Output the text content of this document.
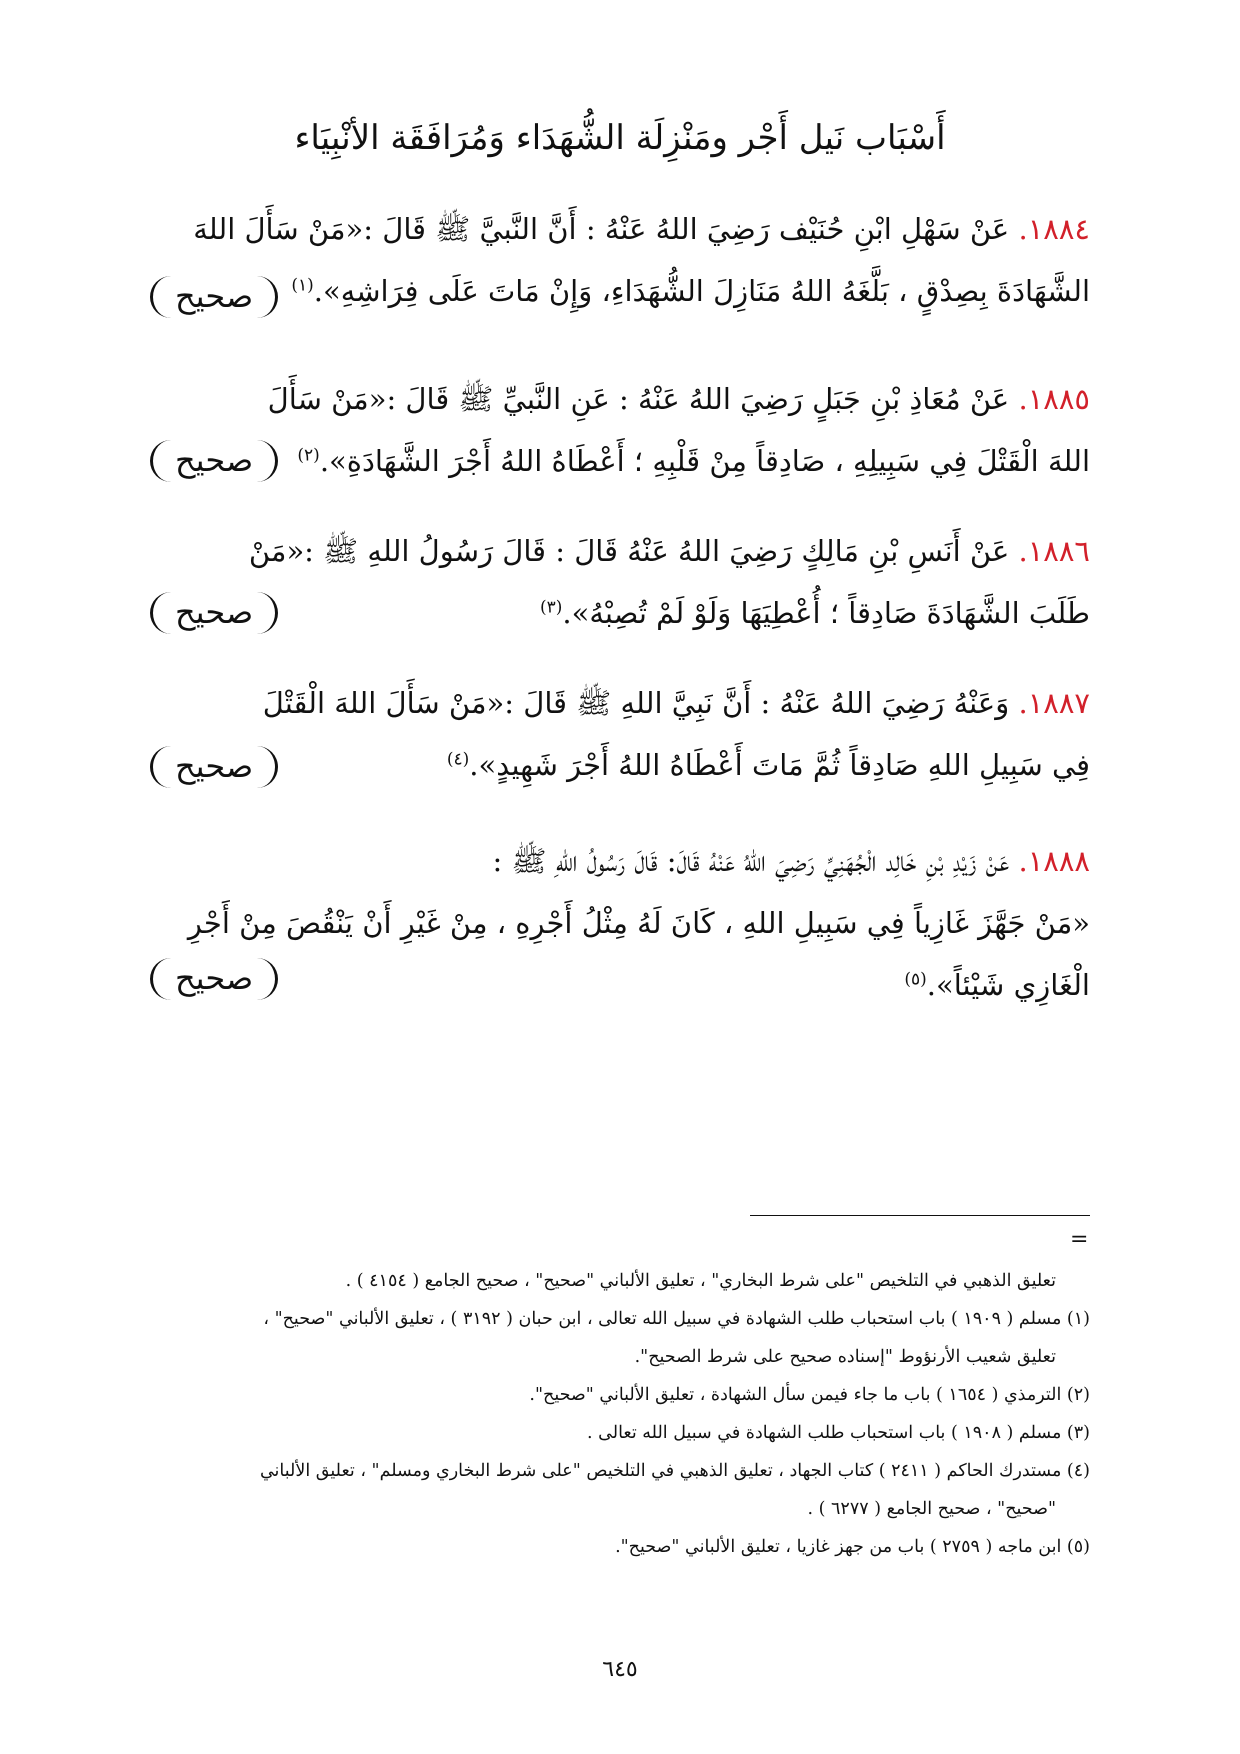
أَسْبَاب نَيل أَجْر ومَنْزِلَة الشُّهَدَاء وَمُرَافَقَة الأنْبِيَاء

١٨٨٤. عَنْ سَهْلِ ابْنِ حُنَيْف رَضِيَ اللهُ عَنْهُ : أَنَّ النَّبيَّ ﷺ قَالَ :«مَنْ سَأَلَ اللهَ

الشَّهَادَةَ بِصِدْقٍ ، بَلَّغَهُ اللهُ مَنَازِلَ الشُّهَدَاءِ، وَإِنْ مَاتَ عَلَى فِرَاشِهِ».$^{(١)}$

صحيح

١٨٨٥. عَنْ مُعَاذِ بْنِ جَبَلٍ رَضِيَ اللهُ عَنْهُ : عَنِ النَّبيِّ ﷺ قَالَ :«مَنْ سَأَلَ

اللهَ الْقَتْلَ فِي سَبِيلِهِ ، صَادِقاً مِنْ قَلْبِهِ ؛ أَعْطَاهُ اللهُ أَجْرَ الشَّهَادَةِ».$^{(٢)}$

صحيح

١٨٨٦. عَنْ أَنَسِ بْنِ مَالِكٍ رَضِيَ اللهُ عَنْهُ قَالَ : قَالَ رَسُولُ اللهِ ﷺ :«مَنْ

طَلَبَ الشَّهَادَةَ صَادِقاً ؛ أُعْطِيَهَا وَلَوْ لَمْ تُصِبْهُ».$^{(٣)}$

صحيح

١٨٨٧. وَعَنْهُ رَضِيَ اللهُ عَنْهُ : أَنَّ نَبِيَّ اللهِ ﷺ قَالَ :«مَنْ سَأَلَ اللهَ الْقَتْلَ

فِي سَبِيلِ اللهِ صَادِقاً ثُمَّ مَاتَ أَعْطَاهُ اللهُ أَجْرَ شَهِيدٍ».$^{(٤)}$

صحيح

١٨٨٨. عَنْ زَيْدِ بْنِ خَالِد الْجُهَنِيِّ رَضِيَ اللهُ عَنْهُ قَالَ: قَالَ رَسُولُ اللهِ ﷺ :

«مَنْ جَهَّزَ غَازِياً فِي سَبِيلِ اللهِ ، كَانَ لَهُ مِثْلُ أَجْرِهِ ، مِنْ غَيْرِ أَنْ يَنْقُصَ مِنْ أَجْرِ

الْغَازِي شَيْئاً».$^{(٥)}$

صحيح
=

تعليق الذهبي في التلخيص "على شرط البخاري" ، تعليق الألباني "صحيح" ، صحيح الجامع ( ٤١٥٤ ) .

(١) مسلم ( ١٩٠٩ ) باب استحباب طلب الشهادة في سبيل الله تعالى ، ابن حبان ( ٣١٩٢ ) ، تعليق الألباني "صحيح" ،

تعليق شعيب الأرنؤوط "إسناده صحيح على شرط الصحيح".

(٢) الترمذي ( ١٦٥٤ ) باب ما جاء فيمن سأل الشهادة ، تعليق الألباني "صحيح".

(٣) مسلم ( ١٩٠٨ ) باب استحباب طلب الشهادة في سبيل الله تعالى .

(٤) مستدرك الحاكم ( ٢٤١١ ) كتاب الجهاد ، تعليق الذهبي في التلخيص "على شرط البخاري ومسلم" ، تعليق الألباني

"صحيح" ، صحيح الجامع ( ٦٢٧٧ ) .

(٥) ابن ماجه ( ٢٧٥٩ ) باب من جهز غازيا ، تعليق الألباني "صحيح".

٦٤٥
